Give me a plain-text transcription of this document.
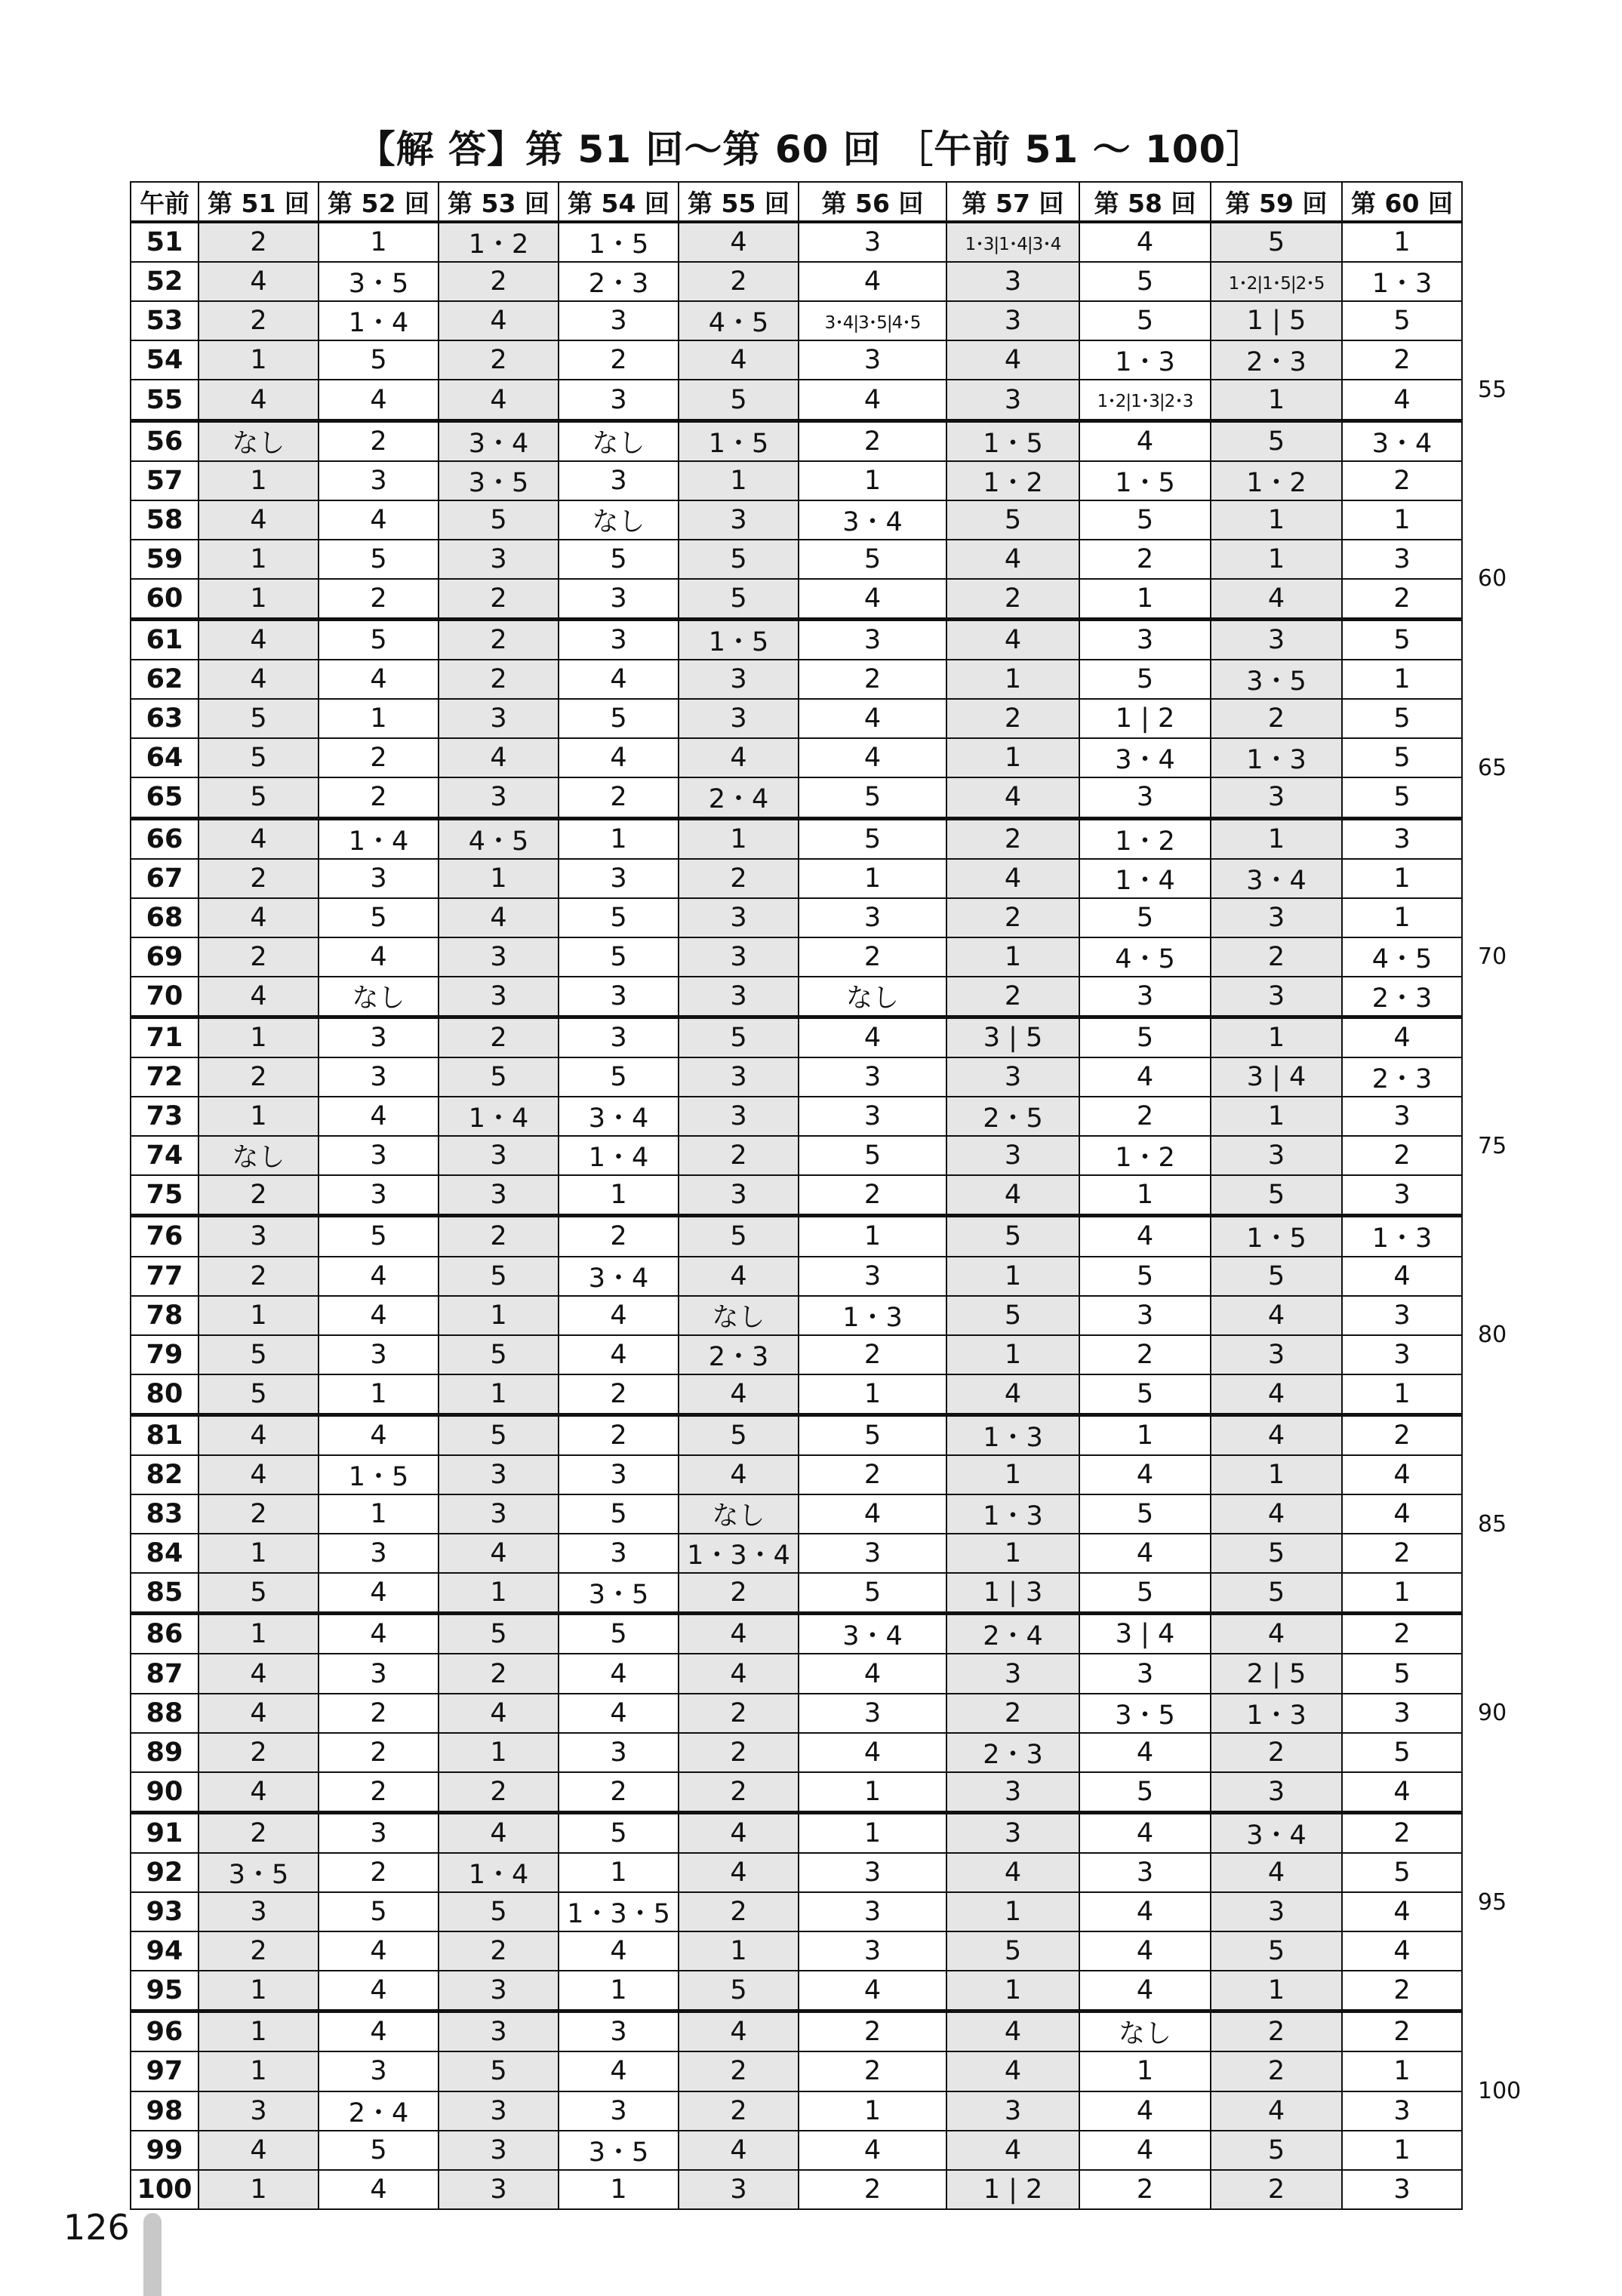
【解 答】第 51 回〜第 60 回 ［午前 51 〜 100］
午前	第 51 回	第 52 回	第 53 回	第 54 回	第 55 回	第 56 回	第 57 回	第 58 回	第 59 回	第 60 回
51	2	1	1・2	1・5	4	3	1･3|1･4|3･4	4	5	1
52	4	3・5	2	2・3	2	4	3	5	1･2|1･5|2･5	1・3
53	2	1・4	4	3	4・5	3･4|3･5|4･5	3	5	1 | 5	5
54	1	5	2	2	4	3	4	1・3	2・3	2
55	4	4	4	3	5	4	3	1･2|1･3|2･3	1	4
56	なし	2	3・4	なし	1・5	2	1・5	4	5	3・4
57	1	3	3・5	3	1	1	1・2	1・5	1・2	2
58	4	4	5	なし	3	3・4	5	5	1	1
59	1	5	3	5	5	5	4	2	1	3
60	1	2	2	3	5	4	2	1	4	2
61	4	5	2	3	1・5	3	4	3	3	5
62	4	4	2	4	3	2	1	5	3・5	1
63	5	1	3	5	3	4	2	1 | 2	2	5
64	5	2	4	4	4	4	1	3・4	1・3	5
65	5	2	3	2	2・4	5	4	3	3	5
66	4	1・4	4・5	1	1	5	2	1・2	1	3
67	2	3	1	3	2	1	4	1・4	3・4	1
68	4	5	4	5	3	3	2	5	3	1
69	2	4	3	5	3	2	1	4・5	2	4・5
70	4	なし	3	3	3	なし	2	3	3	2・3
71	1	3	2	3	5	4	3 | 5	5	1	4
72	2	3	5	5	3	3	3	4	3 | 4	2・3
73	1	4	1・4	3・4	3	3	2・5	2	1	3
74	なし	3	3	1・4	2	5	3	1・2	3	2
75	2	3	3	1	3	2	4	1	5	3
76	3	5	2	2	5	1	5	4	1・5	1・3
77	2	4	5	3・4	4	3	1	5	5	4
78	1	4	1	4	なし	1・3	5	3	4	3
79	5	3	5	4	2・3	2	1	2	3	3
80	5	1	1	2	4	1	4	5	4	1
81	4	4	5	2	5	5	1・3	1	4	2
82	4	1・5	3	3	4	2	1	4	1	4
83	2	1	3	5	なし	4	1・3	5	4	4
84	1	3	4	3	1・3・4	3	1	4	5	2
85	5	4	1	3・5	2	5	1 | 3	5	5	1
86	1	4	5	5	4	3・4	2・4	3 | 4	4	2
87	4	3	2	4	4	4	3	3	2 | 5	5
88	4	2	4	4	2	3	2	3・5	1・3	3
89	2	2	1	3	2	4	2・3	4	2	5
90	4	2	2	2	2	1	3	5	3	4
91	2	3	4	5	4	1	3	4	3・4	2
92	3・5	2	1・4	1	4	3	4	3	4	5
93	3	5	5	1・3・5	2	3	1	4	3	4
94	2	4	2	4	1	3	5	4	5	4
95	1	4	3	1	5	4	1	4	1	2
96	1	4	3	3	4	2	4	なし	2	2
97	1	3	5	4	2	2	4	1	2	1
98	3	2・4	3	3	2	1	3	4	4	3
99	4	5	3	3・5	4	4	4	4	5	1
100	1	4	3	1	3	2	1 | 2	2	2	3
55
60
65
70
75
80
85
90
95
100
126
